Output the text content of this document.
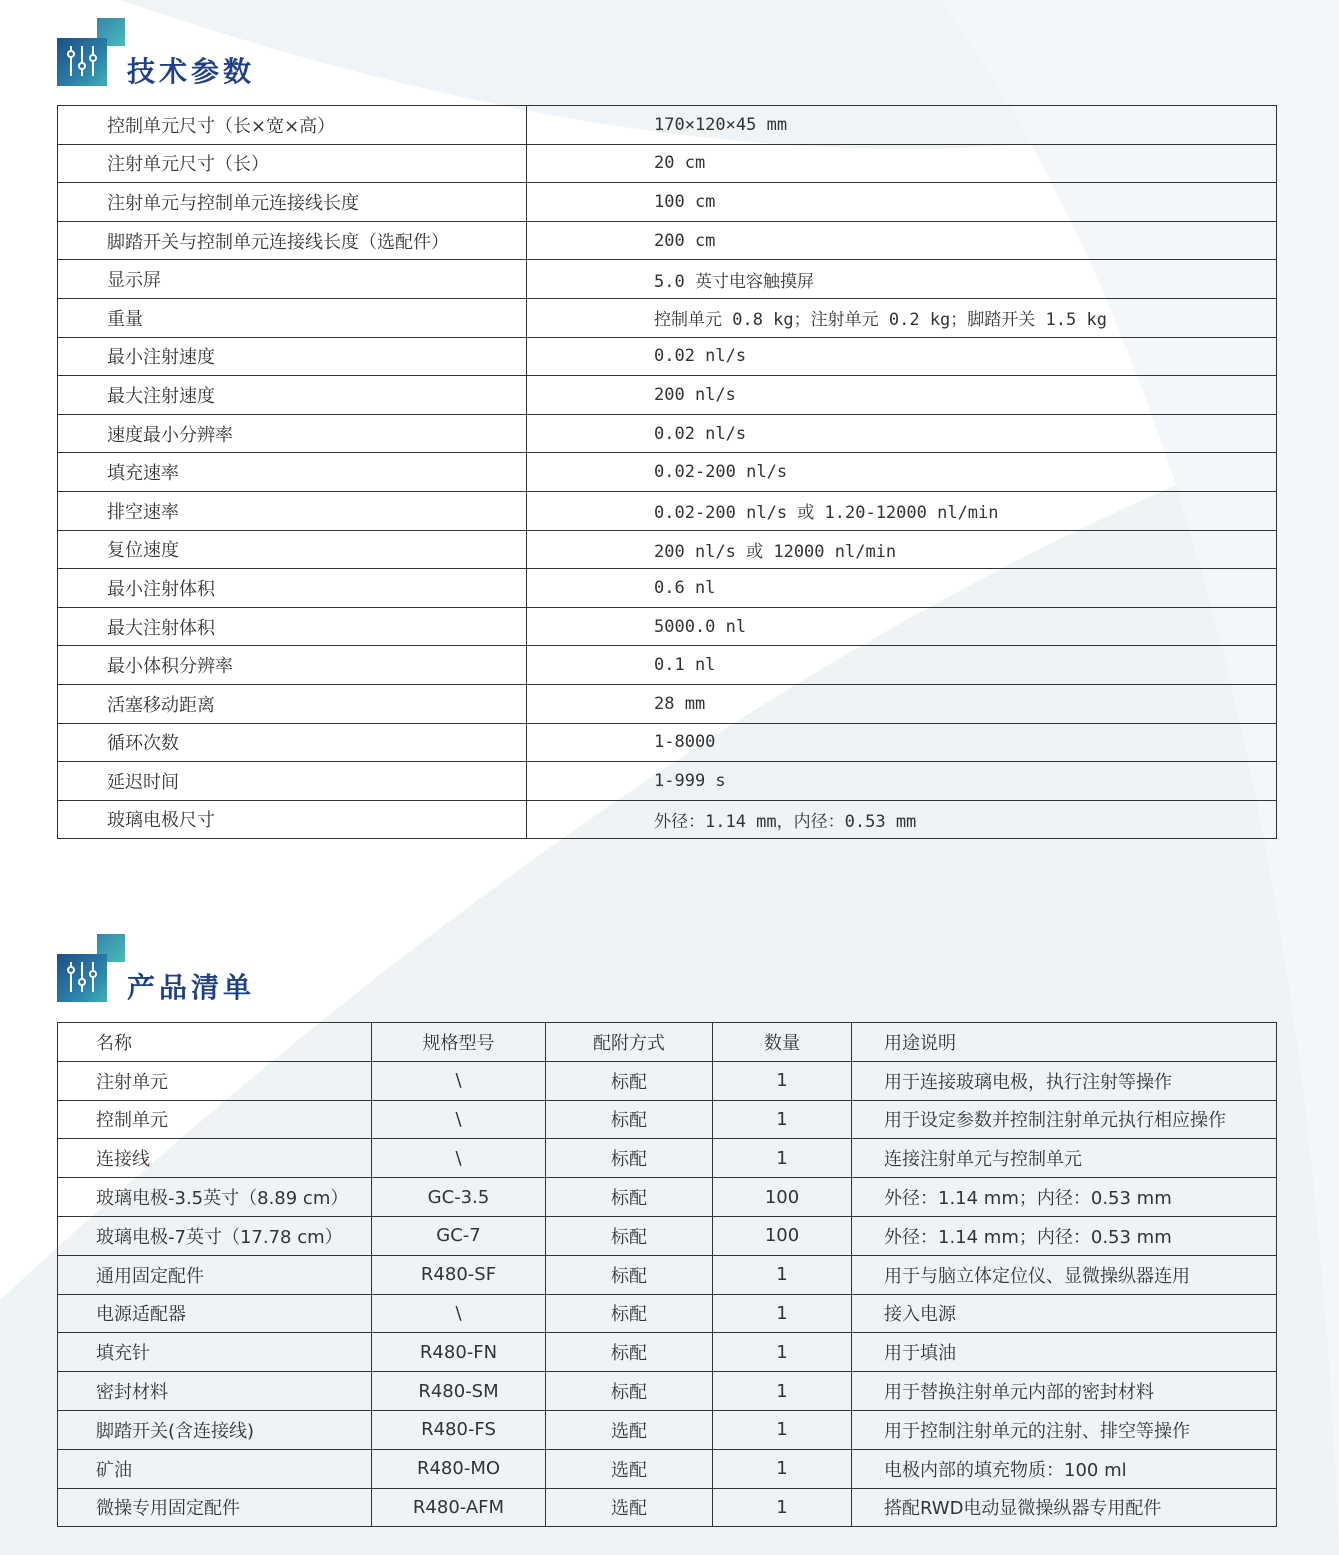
技术参数
控制单元尺寸（长×宽×高）	170×120×45 mm
注射单元尺寸（长）	20 cm
注射单元与控制单元连接线长度	100 cm
脚踏开关与控制单元连接线长度（选配件）	200 cm
显示屏	5.0 英寸电容触摸屏
重量	控制单元 0.8 kg；注射单元 0.2 kg；脚踏开关 1.5 kg
最小注射速度	0.02 nl/s
最大注射速度	200 nl/s
速度最小分辨率	0.02 nl/s
填充速率	0.02-200 nl/s
排空速率	0.02-200 nl/s 或 1.20-12000 nl/min
复位速度	200 nl/s 或 12000 nl/min
最小注射体积	0.6 nl
最大注射体积	5000.0 nl
最小体积分辨率	0.1 nl
活塞移动距离	28 mm
循环次数	1-8000
延迟时间	1-999 s
玻璃电极尺寸	外径：1.14 mm，内径：0.53 mm
产品清单
名称	规格型号	配附方式	数量	用途说明
注射单元	\	标配	1	用于连接玻璃电极，执行注射等操作
控制单元	\	标配	1	用于设定参数并控制注射单元执行相应操作
连接线	\	标配	1	连接注射单元与控制单元
玻璃电极-3.5英寸（8.89 cm）	GC-3.5	标配	100	外径：1.14 mm；内径：0.53 mm
玻璃电极-7英寸（17.78 cm）	GC-7	标配	100	外径：1.14 mm；内径：0.53 mm
通用固定配件	R480-SF	标配	1	用于与脑立体定位仪、显微操纵器连用
电源适配器	\	标配	1	接入电源
填充针	R480-FN	标配	1	用于填油
密封材料	R480-SM	标配	1	用于替换注射单元内部的密封材料
脚踏开关(含连接线)	R480-FS	选配	1	用于控制注射单元的注射、排空等操作
矿油	R480-MO	选配	1	电极内部的填充物质：100 ml
微操专用固定配件	R480-AFM	选配	1	搭配RWD电动显微操纵器专用配件
